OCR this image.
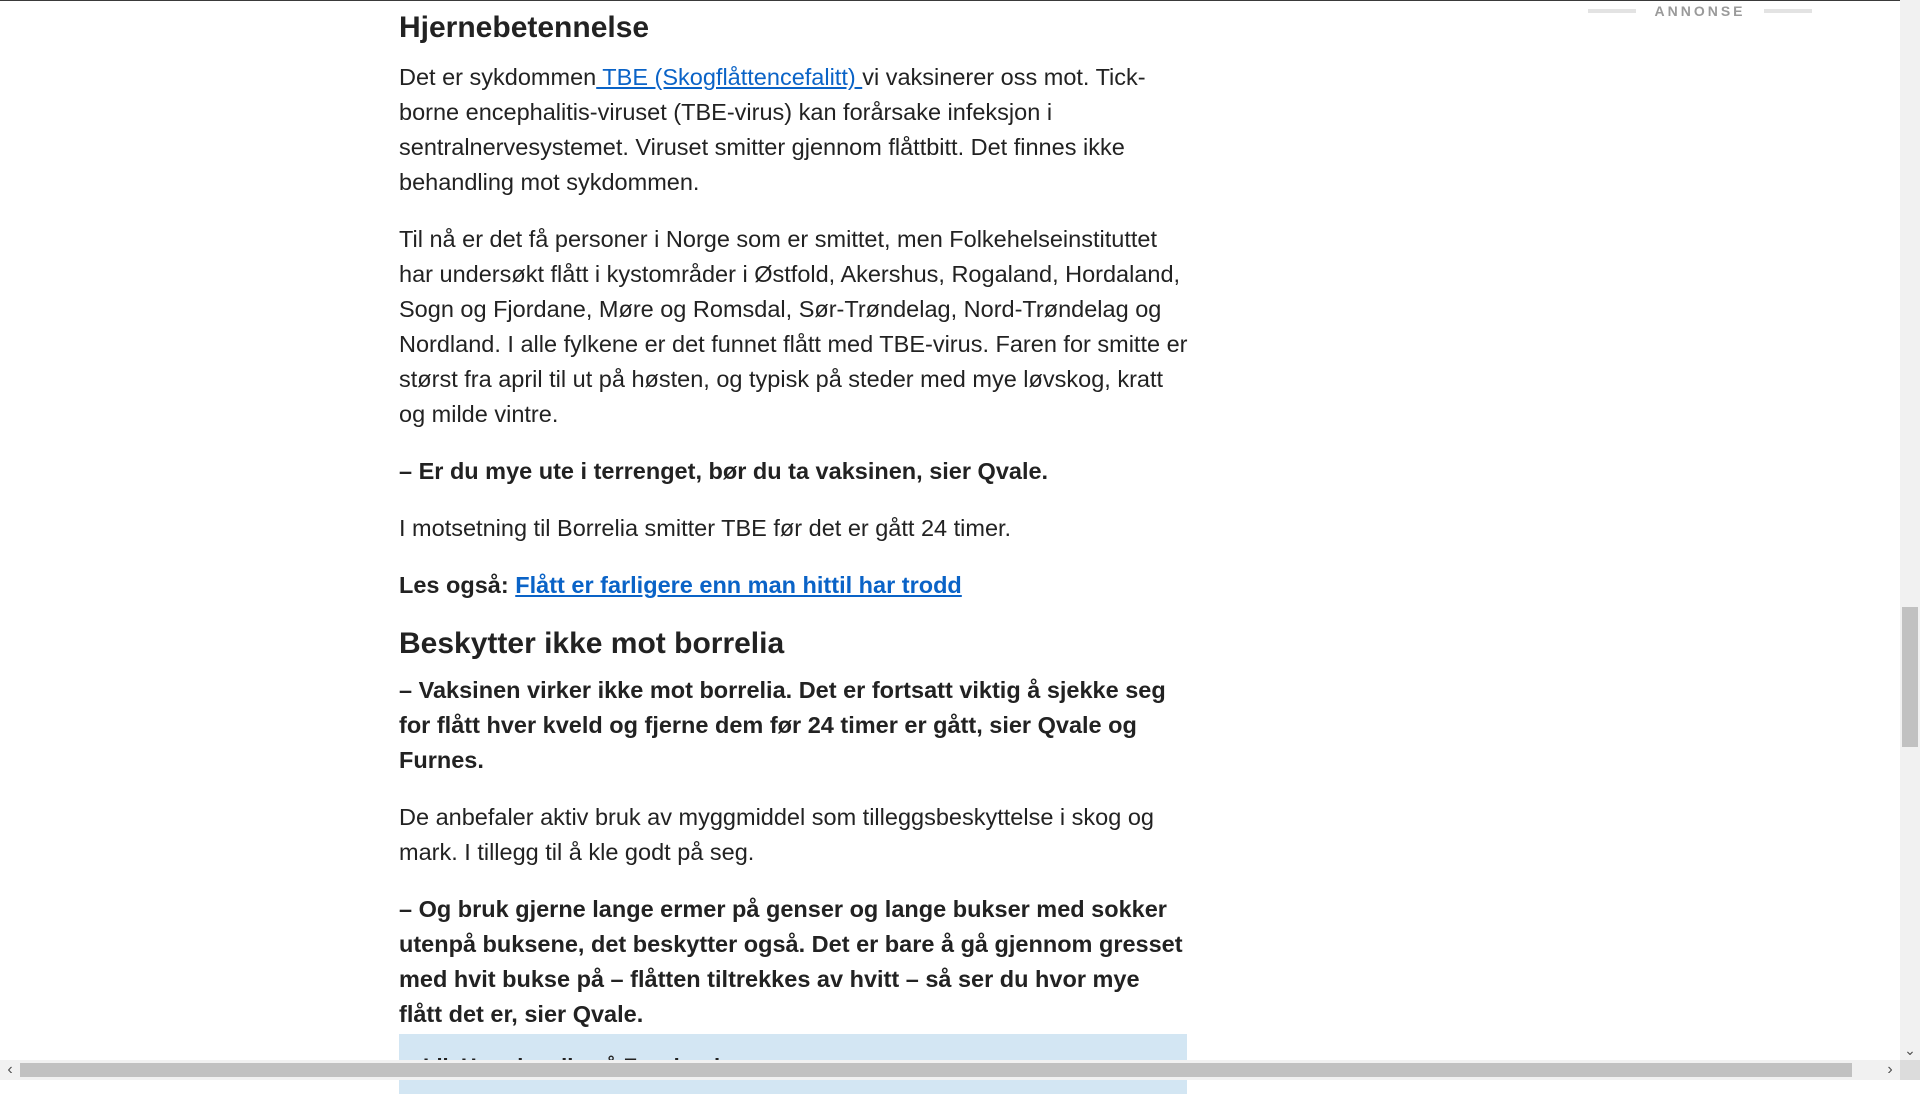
ANNONSE
Hjernebetennelse

Det er sykdommen TBE (Skogflåttencefalitt) vi vaksinerer oss mot. Tick-borne encephalitis-viruset (TBE-virus) kan forårsake infeksjon i sentralnervesystemet. Viruset smitter gjennom flåttbitt. Det finnes ikke behandling mot sykdommen.

Til nå er det få personer i Norge som er smittet, men Folkehelseinstituttet har undersøkt flått i kystområder i Østfold, Akershus, Rogaland, Hordaland, Sogn og Fjordane, Møre og Romsdal, Sør-Trøndelag, Nord-Trøndelag og Nordland. I alle fylkene er det funnet flått med TBE-virus. Faren for smitte er størst fra april til ut på høsten, og typisk på steder med mye løvskog, kratt og milde vintre.

– Er du mye ute i terrenget, bør du ta vaksinen, sier Qvale.

I motsetning til Borrelia smitter TBE før det er gått 24 timer.

Les også: Flått er farligere enn man hittil har trodd

Beskytter ikke mot borrelia

– Vaksinen virker ikke mot borrelia. Det er fortsatt viktig å sjekke seg for flått hver kveld og fjerne dem før 24 timer er gått, sier Qvale og Furnes.

De anbefaler aktiv bruk av myggmiddel som tilleggsbeskyttelse i skog og mark. I tillegg til å kle godt på seg.

– Og bruk gjerne lange ermer på genser og lange bukser med sokker utenpå buksene, det beskytter også. Det er bare å gå gjennom gresset med hvit bukse på – flåtten tiltrekkes av hvitt – så ser du hvor mye flått det er, sier Qvale.

⌄
‹	›
